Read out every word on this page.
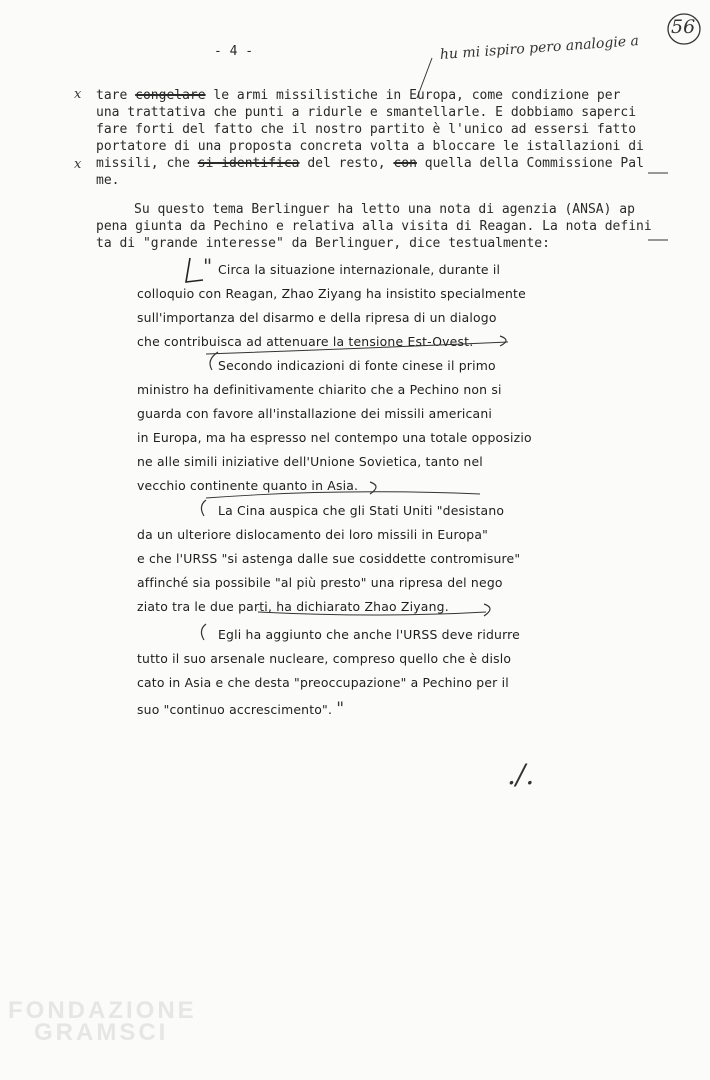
56
- 4 -	hu mi ispiro pero analogie a
x
x
tare congelare le armi missilistiche in Europa, come condizione per
una trattativa che punti a ridurle e smantellarle. E dobbiamo saperci
fare forti del fatto che il nostro partito è l'unico ad essersi fatto
portatore di una proposta concreta volta a bloccare le istallazioni di
missili, che si identifica del resto, con quella della Commissione Pal
me.
Su questo tema Berlinguer ha letto una nota di agenzia (ANSA) ap
pena giunta da Pechino e relativa alla visita di Reagan. La nota defini
ta di "grande interesse" da Berlinguer, dice testualmente:
" Circa la situazione internazionale, durante il
colloquio con Reagan, Zhao Ziyang ha insistito specialmente
sull'importanza del disarmo e della ripresa di un dialogo
che contribuisca ad attenuare la tensione Est-Ovest.
Secondo indicazioni di fonte cinese il primo
ministro ha definitivamente chiarito che a Pechino non si
guarda con favore all'installazione dei missili americani
in Europa, ma ha espresso nel contempo una totale opposizio
ne alle simili iniziative dell'Unione Sovietica, tanto nel
vecchio continente quanto in Asia.
La Cina auspica che gli Stati Uniti "desistano
da un ulteriore dislocamento dei loro missili in Europa"
e che l'URSS "si astenga dalle sue cosiddette contromisure"
affinché sia possibile "al più presto" una ripresa del nego
ziato tra le due parti, ha dichiarato Zhao Ziyang.
Egli ha aggiunto che anche l'URSS deve ridurre
tutto il suo arsenale nucleare, compreso quello che è dislo
cato in Asia e che desta "preoccupazione" a Pechino per il
suo "continuo accrescimento". "
./.
FONDAZIONE
GRAMSCI
